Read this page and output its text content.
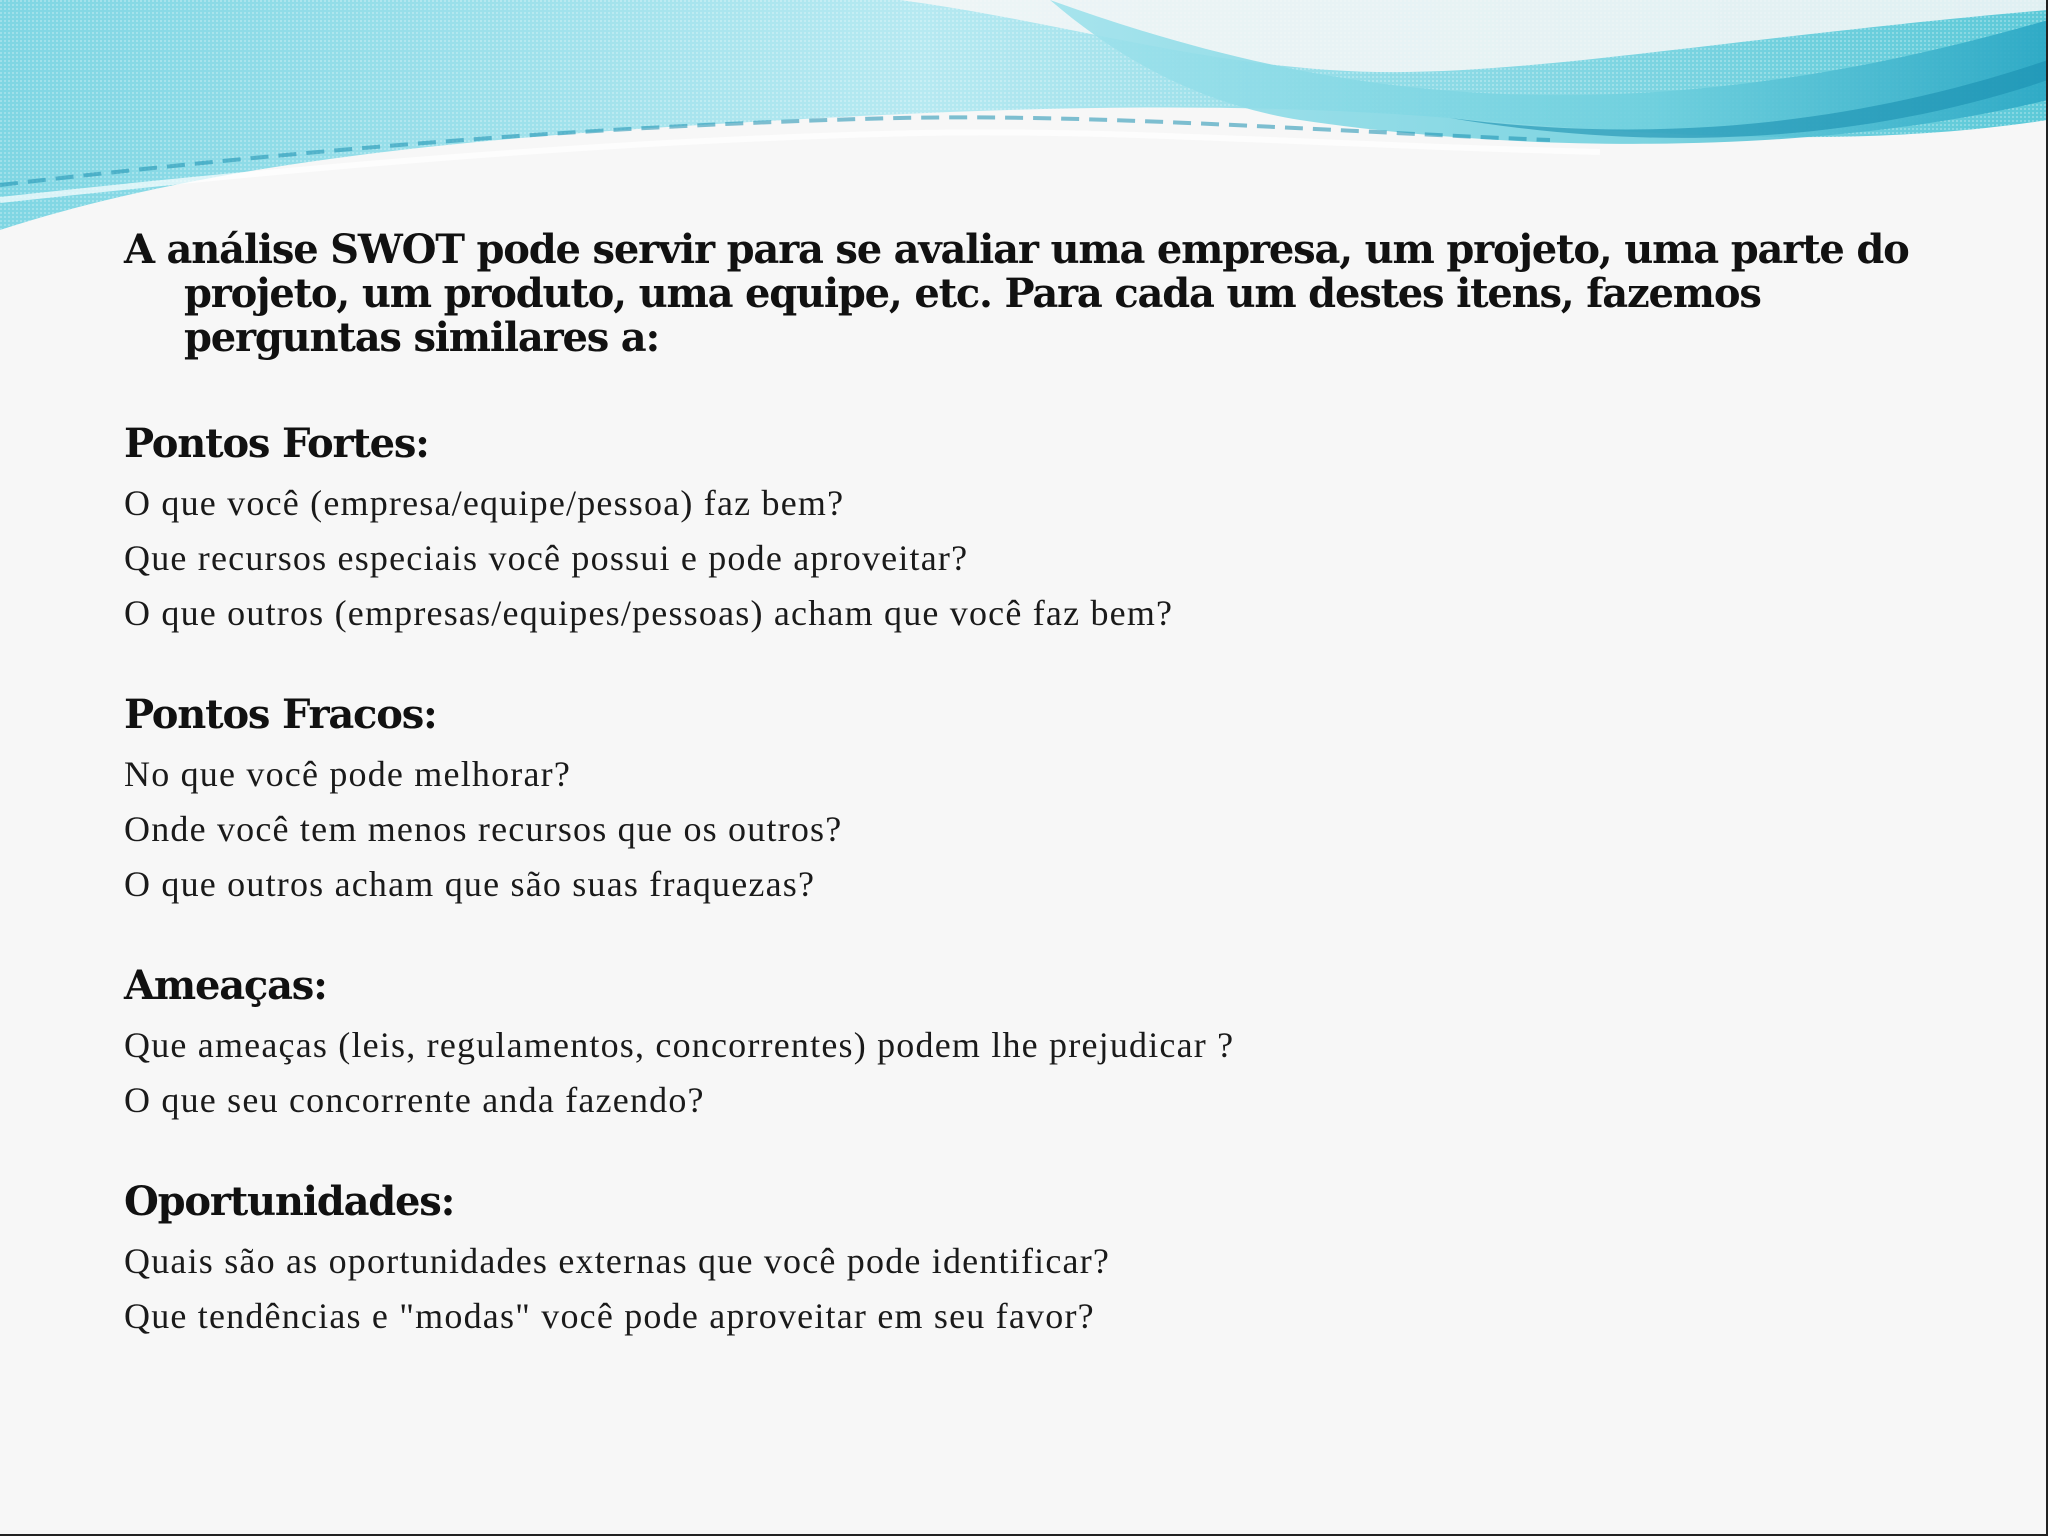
A análise SWOT pode servir para se avaliar uma empresa, um projeto, uma parte do projeto, um produto, uma equipe, etc. Para cada um destes itens, fazemos perguntas similares a:

Pontos Fortes:

O que você (empresa/equipe/pessoa) faz bem?

Que recursos especiais você possui e pode aproveitar?

O que outros (empresas/equipes/pessoas) acham que você faz bem?

Pontos Fracos:

No que você pode melhorar?

Onde você tem menos recursos que os outros?

O que outros acham que são suas fraquezas?

Ameaças:

Que ameaças (leis, regulamentos, concorrentes) podem lhe prejudicar ?

O que seu concorrente anda fazendo?

Oportunidades:

Quais são as oportunidades externas que você pode identificar?

Que tendências e "modas" você pode aproveitar em seu favor?
